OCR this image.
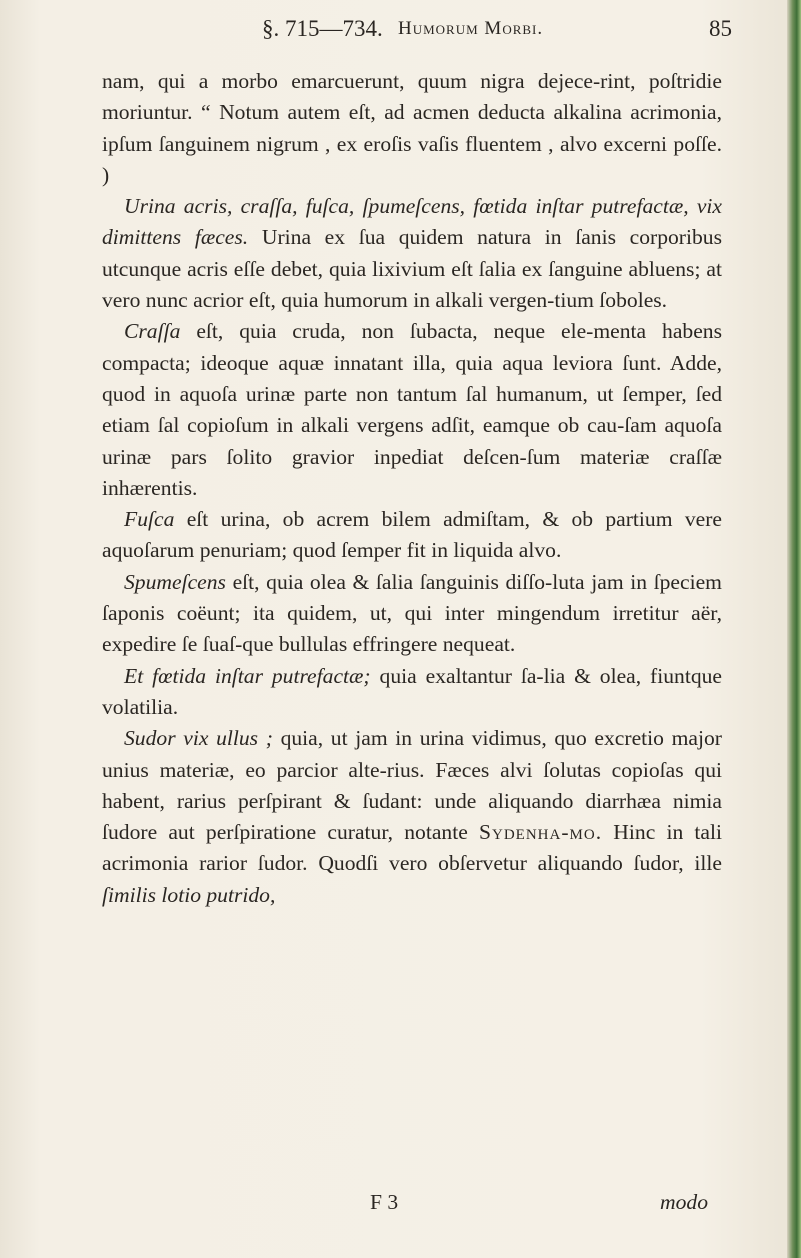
§. 715—734. Humorum Morbi.	85

nam, qui a morbo emarcuerunt, quum nigra dejece-rint, poſtridie moriuntur. “ Notum autem eſt, ad acmen deducta alkalina acrimonia, ipſum ſanguinem nigrum , ex eroſis vaſis fluentem , alvo excerni poſſe. )

Urina acris, craſſa, fuſca, ſpumeſcens, fœtida inſtar putrefactæ, vix dimittens fæces. Urina ex ſua quidem natura in ſanis corporibus utcunque acris eſſe debet, quia lixivium eſt ſalia ex ſanguine abluens; at vero nunc acrior eſt, quia humorum in alkali vergen-tium ſoboles.

Craſſa eſt, quia cruda, non ſubacta, neque ele-menta habens compacta; ideoque aquæ innatant illa, quia aqua leviora ſunt. Adde, quod in aquoſa urinæ parte non tantum ſal humanum, ut ſemper, ſed etiam ſal copioſum in alkali vergens adſit, eamque ob cau-ſam aquoſa urinæ pars ſolito gravior inpediat deſcen-ſum materiæ craſſæ inhærentis.

Fuſca eſt urina, ob acrem bilem admiſtam, & ob partium vere aquoſarum penuriam; quod ſemper fit in liquida alvo.

Spumeſcens eſt, quia olea & ſalia ſanguinis diſſo-luta jam in ſpeciem ſaponis coëunt; ita quidem, ut, qui inter mingendum irretitur aër, expedire ſe ſuaſ-que bullulas effringere nequeat.

Et fœtida inſtar putrefactæ; quia exaltantur ſa-lia & olea, fiuntque volatilia.

Sudor vix ullus ; quia, ut jam in urina vidimus, quo excretio major unius materiæ, eo parcior alte-rius. Fæces alvi ſolutas copioſas qui habent, rarius perſpirant & ſudant: unde aliquando diarrhæa nimia ſudore aut perſpiratione curatur, notante Sydenha-mo. Hinc in tali acrimonia rarior ſudor. Quodſi vero obſervetur aliquando ſudor, ille ſimilis lotio putrido,

F 3	modo
